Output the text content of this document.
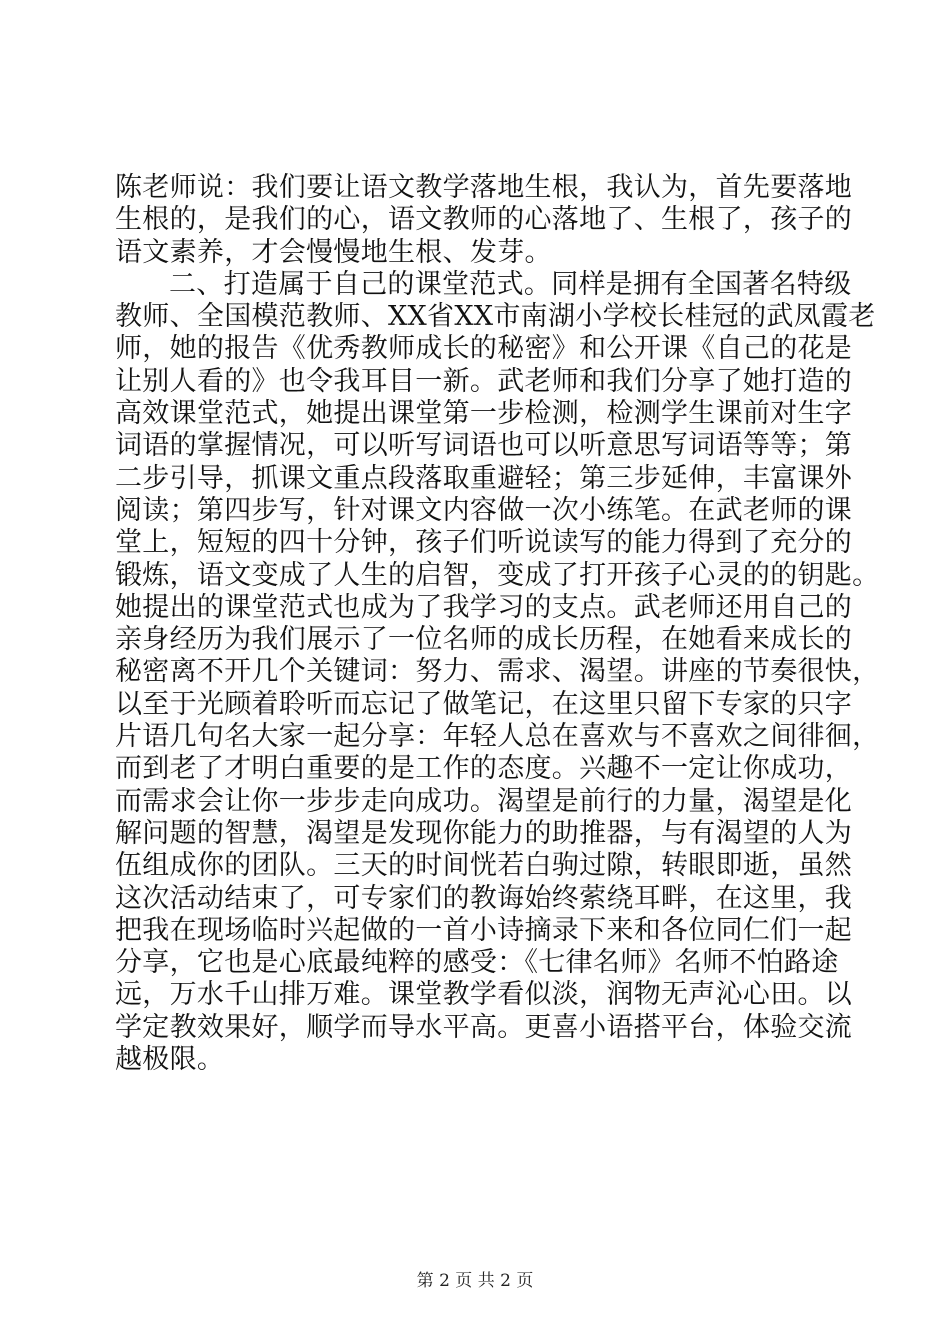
陈老师说：我们要让语文教学落地生根，我认为，首先要落地
生根的，是我们的心，语文教师的心落地了、生根了，孩子的
语文素养，才会慢慢地生根、发芽。
二、打造属于自己的课堂范式。同样是拥有全国著名特级
教师、全国模范教师、XX省XX市南湖小学校长桂冠的武凤霞老
师，她的报告《优秀教师成长的秘密》和公开课《自己的花是
让别人看的》也令我耳目一新。武老师和我们分享了她打造的
高效课堂范式，她提出课堂第一步检测，检测学生课前对生字
词语的掌握情况，可以听写词语也可以听意思写词语等等；第
二步引导，抓课文重点段落取重避轻；第三步延伸，丰富课外
阅读；第四步写，针对课文内容做一次小练笔。在武老师的课
堂上，短短的四十分钟，孩子们听说读写的能力得到了充分的
锻炼，语文变成了人生的启智，变成了打开孩子心灵的的钥匙。
她提出的课堂范式也成为了我学习的支点。武老师还用自己的
亲身经历为我们展示了一位名师的成长历程，在她看来成长的
秘密离不开几个关键词：努力、需求、渴望。讲座的节奏很快，
以至于光顾着聆听而忘记了做笔记，在这里只留下专家的只字
片语几句名大家一起分享：年轻人总在喜欢与不喜欢之间徘徊，
而到老了才明白重要的是工作的态度。兴趣不一定让你成功，
而需求会让你一步步走向成功。渴望是前行的力量，渴望是化
解问题的智慧，渴望是发现你能力的助推器，与有渴望的人为
伍组成你的团队。三天的时间恍若白驹过隙，转眼即逝，虽然
这次活动结束了，可专家们的教诲始终萦绕耳畔，在这里，我
把我在现场临时兴起做的一首小诗摘录下来和各位同仁们一起
分享，它也是心底最纯粹的感受：《七律名师》名师不怕路途
远，万水千山排万难。课堂教学看似淡，润物无声沁心田。以
学定教效果好，顺学而导水平高。更喜小语搭平台，体验交流
越极限。
第 2 页 共 2 页
